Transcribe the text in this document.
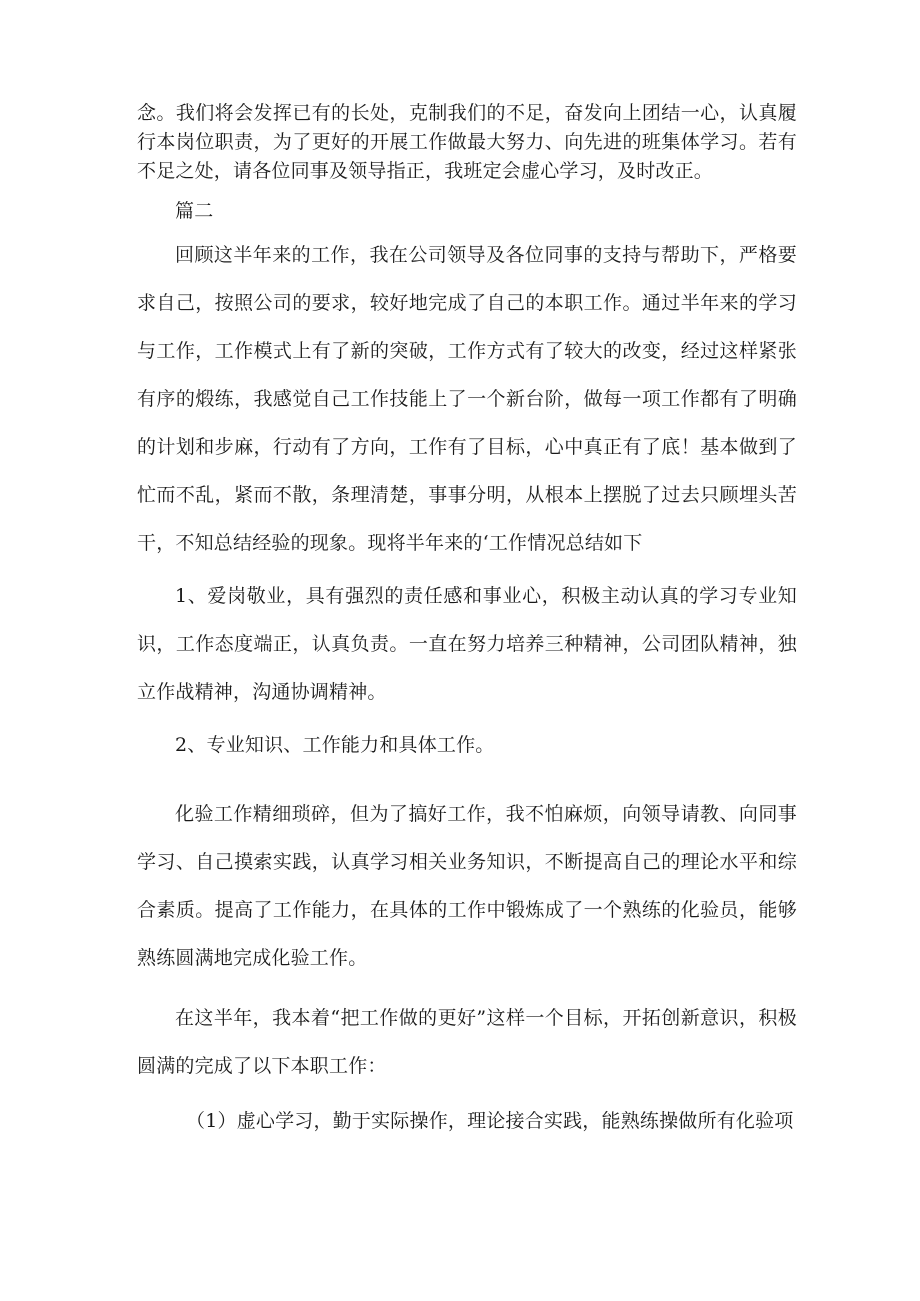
念。我们将会发挥已有的长处，克制我们的不足，奋发向上团结一心，认真履行本岗位职责，为了更好的开展工作做最大努力、向先进的班集体学习。若有不足之处，请各位同事及领导指正，我班定会虚心学习，及时改正。

篇二

回顾这半年来的工作，我在公司领导及各位同事的支持与帮助下，严格要求自己，按照公司的要求，较好地完成了自己的本职工作。通过半年来的学习与工作，工作模式上有了新的突破，工作方式有了较大的改变，经过这样紧张有序的煅练，我感觉自己工作技能上了一个新台阶，做每一项工作都有了明确的计划和步麻，行动有了方向，工作有了目标，心中真正有了底！基本做到了忙而不乱，紧而不散，条理清楚，事事分明，从根本上摆脱了过去只顾埋头苦干，不知总结经验的现象。现将半年来的‘工作情况总结如下

1、爱岗敬业，具有强烈的责任感和事业心，积极主动认真的学习专业知识，工作态度端正，认真负责。一直在努力培养三种精神，公司团队精神，独立作战精神，沟通协调精神。

2、专业知识、工作能力和具体工作。

化验工作精细琐碎，但为了搞好工作，我不怕麻烦，向领导请教、向同事学习、自己摸索实践，认真学习相关业务知识，不断提高自己的理论水平和综合素质。提高了工作能力，在具体的工作中锻炼成了一个熟练的化验员，能够熟练圆满地完成化验工作。

在这半年，我本着“把工作做的更好”这样一个目标，开拓创新意识，积极圆满的完成了以下本职工作：

（1）虚心学习，勤于实际操作，理论接合实践，能熟练操做所有化验项
